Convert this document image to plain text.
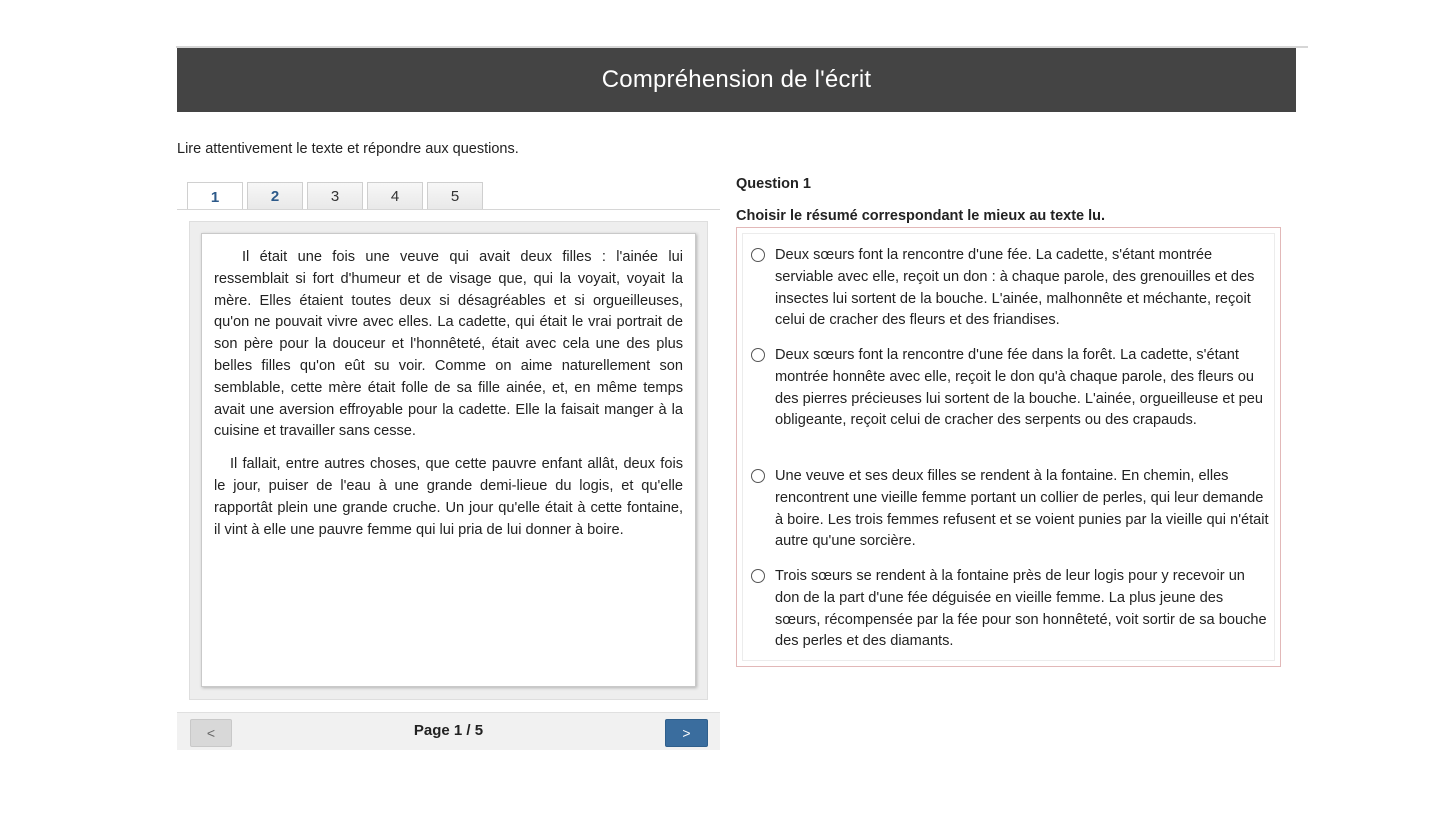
Compréhension de l'écrit
Lire attentivement le texte et répondre aux questions.
1	2	3	4	5

Il était une fois une veuve qui avait deux filles : l'ainée lui ressemblait si fort d'humeur et de visage que, qui la voyait, voyait la mère. Elles étaient toutes deux si désagréables et si orgueilleuses, qu'on ne pouvait vivre avec elles. La cadette, qui était le vrai portrait de son père pour la douceur et l'honnêteté, était avec cela une des plus belles filles qu'on eût su voir. Comme on aime naturellement son semblable, cette mère était folle de sa fille ainée, et, en même temps avait une aversion effroyable pour la cadette. Elle la faisait manger à la cuisine et travailler sans cesse.

Il fallait, entre autres choses, que cette pauvre enfant allât, deux fois le jour, puiser de l'eau à une grande demi-lieue du logis, et qu'elle rapportât plein une grande cruche. Un jour qu'elle était à cette fontaine, il vint à elle une pauvre femme qui lui pria de lui donner à boire.

Page 1 / 5
<	>
Question 1
Choisir le résumé correspondant le mieux au texte lu.
Deux sœurs font la rencontre d'une fée. La cadette, s'étant montrée serviable avec elle, reçoit un don : à chaque parole, des grenouilles et des insectes lui sortent de la bouche. L'ainée, malhonnête et méchante, reçoit celui de cracher des fleurs et des friandises.
Deux sœurs font la rencontre d'une fée dans la forêt. La cadette, s'étant montrée honnête avec elle, reçoit le don qu'à chaque parole, des fleurs ou des pierres précieuses lui sortent de la bouche. L'ainée, orgueilleuse et peu obligeante, reçoit celui de cracher des serpents ou des crapauds.
Une veuve et ses deux filles se rendent à la fontaine. En chemin, elles rencontrent une vieille femme portant un collier de perles, qui leur demande à boire. Les trois femmes refusent et se voient punies par la vieille qui n'était autre qu'une sorcière.
Trois sœurs se rendent à la fontaine près de leur logis pour y recevoir un don de la part d'une fée déguisée en vieille femme. La plus jeune des sœurs, récompensée par la fée pour son honnêteté, voit sortir de sa bouche des perles et des diamants.
